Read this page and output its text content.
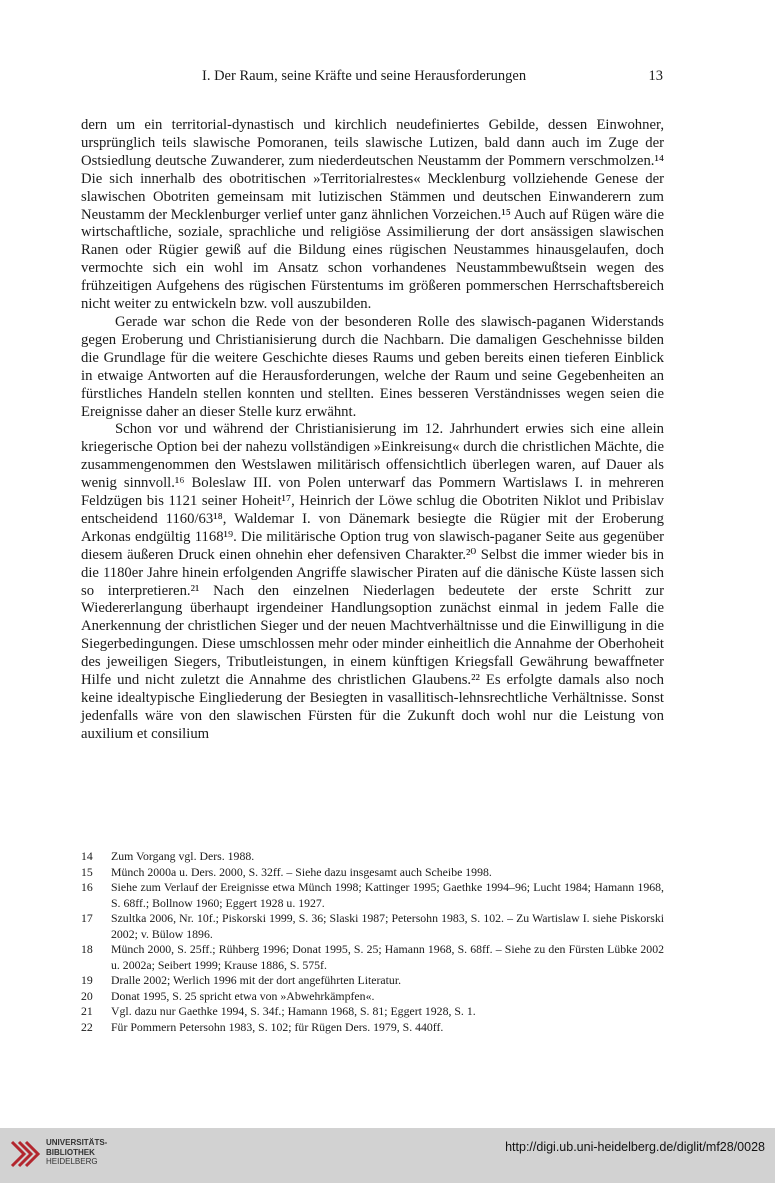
I. Der Raum, seine Kräfte und seine Herausforderungen	13

dern um ein territorial-dynastisch und kirchlich neudefiniertes Gebilde, dessen Einwohner, ursprünglich teils slawische Pomoranen, teils slawische Lutizen, bald dann auch im Zuge der Ostsiedlung deutsche Zuwanderer, zum niederdeutschen Neustamm der Pommern verschmolzen.¹⁴ Die sich innerhalb des obotritischen »Territorialrestes« Mecklenburg vollziehende Genese der slawischen Obotriten gemeinsam mit lutizischen Stämmen und deutschen Einwanderern zum Neustamm der Mecklenburger verlief unter ganz ähnlichen Vorzeichen.¹⁵ Auch auf Rügen wäre die wirtschaftliche, soziale, sprachliche und religiöse Assimilierung der dort ansässigen slawischen Ranen oder Rügier gewiß auf die Bildung eines rügischen Neustammes hinausgelaufen, doch vermochte sich ein wohl im Ansatz schon vorhandenes Neustammbewußtsein wegen des frühzeitigen Aufgehens des rügischen Fürstentums im größeren pommerschen Herrschaftsbereich nicht weiter zu entwickeln bzw. voll auszubilden.

Gerade war schon die Rede von der besonderen Rolle des slawisch-paganen Widerstands gegen Eroberung und Christianisierung durch die Nachbarn. Die damaligen Geschehnisse bilden die Grundlage für die weitere Geschichte dieses Raums und geben bereits einen tieferen Einblick in etwaige Antworten auf die Herausforderungen, welche der Raum und seine Gegebenheiten an fürstliches Handeln stellen konnten und stellten. Eines besseren Verständnisses wegen seien die Ereignisse daher an dieser Stelle kurz erwähnt.

Schon vor und während der Christianisierung im 12. Jahrhundert erwies sich eine allein kriegerische Option bei der nahezu vollständigen »Einkreisung« durch die christlichen Mächte, die zusammengenommen den Westslawen militärisch offensichtlich überlegen waren, auf Dauer als wenig sinnvoll.¹⁶ Boleslaw III. von Polen unterwarf das Pommern Wartislaws I. in mehreren Feldzügen bis 1121 seiner Hoheit¹⁷, Heinrich der Löwe schlug die Obotriten Niklot und Pribislav entscheidend 1160/63¹⁸, Waldemar I. von Dänemark besiegte die Rügier mit der Eroberung Arkonas endgültig 1168¹⁹. Die militärische Option trug von slawisch-paganer Seite aus gegenüber diesem äußeren Druck einen ohnehin eher defensiven Charakter.²⁰ Selbst die immer wieder bis in die 1180er Jahre hinein erfolgenden Angriffe slawischer Piraten auf die dänische Küste lassen sich so interpretieren.²¹ Nach den einzelnen Niederlagen bedeutete der erste Schritt zur Wiedererlangung überhaupt irgendeiner Handlungsoption zunächst einmal in jedem Falle die Anerkennung der christlichen Sieger und der neuen Machtverhältnisse und die Einwilligung in die Siegerbedingungen. Diese umschlossen mehr oder minder einheitlich die Annahme der Oberhoheit des jeweiligen Siegers, Tributleistungen, in einem künftigen Kriegsfall Gewährung bewaffneter Hilfe und nicht zuletzt die Annahme des christlichen Glaubens.²² Es erfolgte damals also noch keine idealtypische Eingliederung der Besiegten in vasallitisch-lehnsrechtliche Verhältnisse. Sonst jedenfalls wäre von den slawischen Fürsten für die Zukunft doch wohl nur die Leistung von auxilium et consilium

14 Zum Vorgang vgl. Ders. 1988.
15 Münch 2000a u. Ders. 2000, S. 32ff. – Siehe dazu insgesamt auch Scheibe 1998.
16 Siehe zum Verlauf der Ereignisse etwa Münch 1998; Kattinger 1995; Gaethke 1994–96; Lucht 1984; Hamann 1968, S. 68ff.; Bollnow 1960; Eggert 1928 u. 1927.
17 Szultka 2006, Nr. 10f.; Piskorski 1999, S. 36; Slaski 1987; Petersohn 1983, S. 102. – Zu Wartislaw I. siehe Piskorski 2002; v. Bülow 1896.
18 Münch 2000, S. 25ff.; Rühberg 1996; Donat 1995, S. 25; Hamann 1968, S. 68ff. – Siehe zu den Fürsten Lübke 2002 u. 2002a; Seibert 1999; Krause 1886, S. 575f.
19 Dralle 2002; Werlich 1996 mit der dort angeführten Literatur.
20 Donat 1995, S. 25 spricht etwa von »Abwehrkämpfen«.
21 Vgl. dazu nur Gaethke 1994, S. 34f.; Hamann 1968, S. 81; Eggert 1928, S. 1.
22 Für Pommern Petersohn 1983, S. 102; für Rügen Ders. 1979, S. 440ff.
UNIVERSITÄTS-
BIBLIOTHEK
HEIDELBERG
http://digi.ub.uni-heidelberg.de/diglit/mf28/0028
